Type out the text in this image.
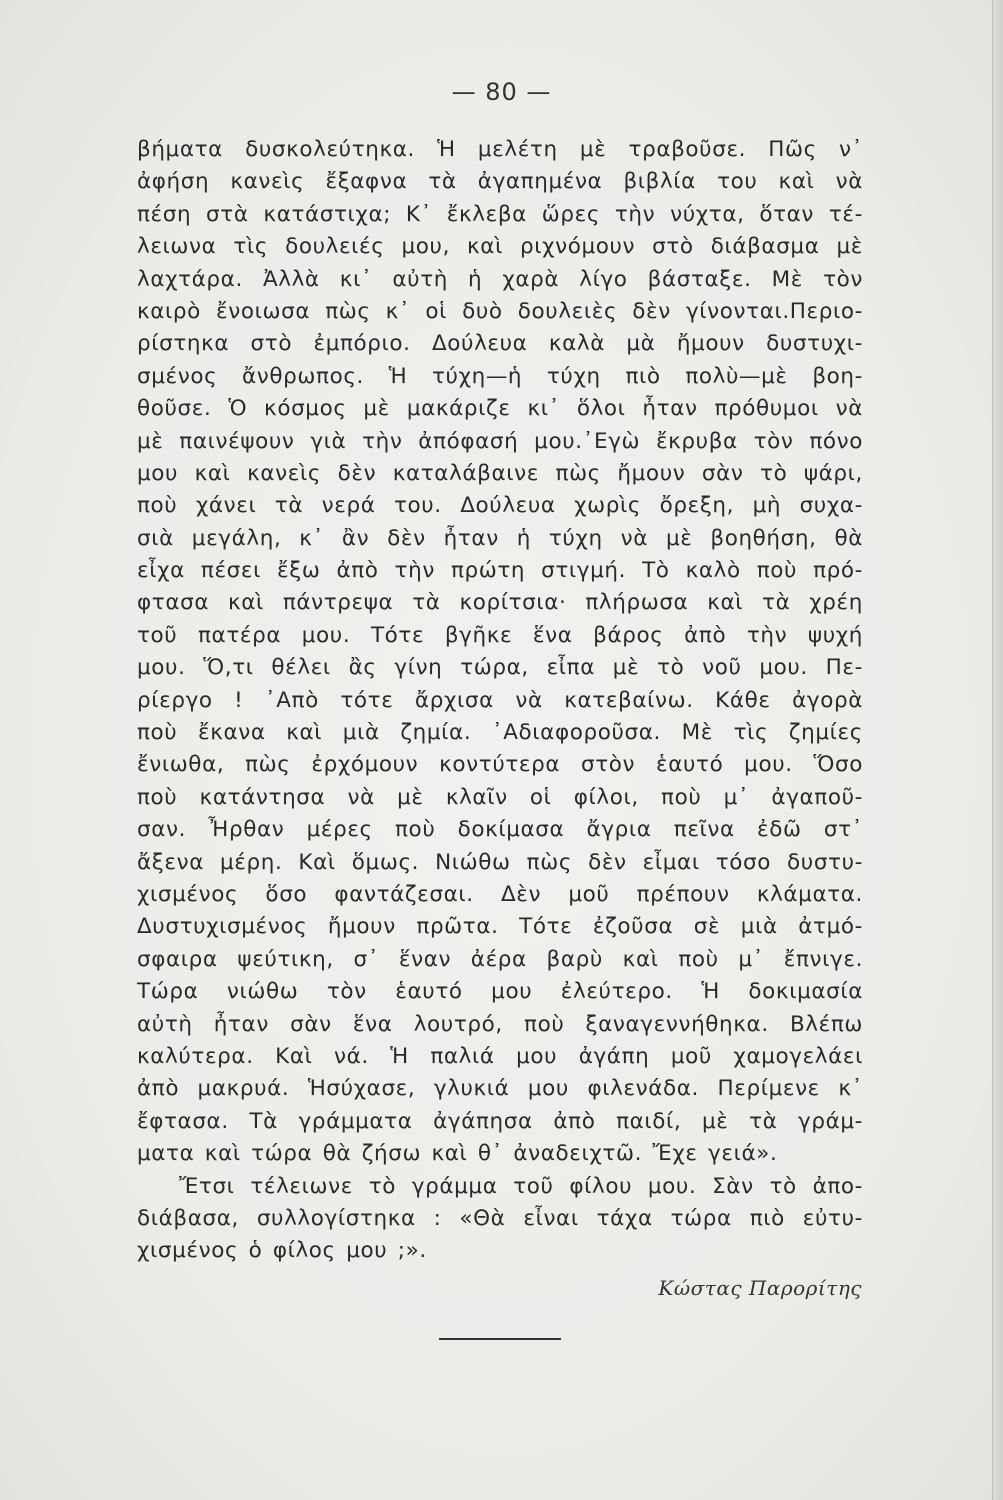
— 80 —
βήματα δυσκολεύτηκα. Ἡ μελέτη μὲ τραβοῦσε. Πῶς ν᾽
ἀφήση κανεὶς ἔξαφνα τὰ ἀγαπημένα βιβλία του καὶ νὰ
πέση στὰ κατάστιχα; Κ᾽ ἔκλεβα ὥρες τὴν νύχτα, ὅταν τέ-
λειωνα τὶς δουλειές μου, καὶ ριχνόμουν στὸ διάβασμα μὲ
λαχτάρα. Ἀλλὰ κι᾽ αὐτὴ ἡ χαρὰ λίγο βάσταξε. Μὲ τὸν
καιρὸ ἔνοιωσα πὼς κ᾽ οἱ δυὸ δουλειὲς δὲν γίνονται.Περιο-
ρίστηκα στὸ ἐμπόριο. Δούλευα καλὰ μὰ ἤμουν δυστυχι-
σμένος ἄνθρωπος. Ἡ τύχη—ἡ τύχη πιὸ πολὺ—μὲ βοη-
θοῦσε. Ὁ κόσμος μὲ μακάριζε κι᾽ ὅλοι ἦταν πρόθυμοι νὰ
μὲ παινέψουν γιὰ τὴν ἀπόφασή μου.᾽Εγὼ ἔκρυβα τὸν πόνο
μου καὶ κανεὶς δὲν καταλάβαινε πὼς ἤμουν σὰν τὸ ψάρι,
ποὺ χάνει τὰ νερά του. Δούλευα χωρὶς ὄρεξη, μὴ συχα-
σιὰ μεγάλη, κ᾽ ἂν δὲν ἦταν ἡ τύχη νὰ μὲ βοηθήση, θὰ
εἶχα πέσει ἔξω ἀπὸ τὴν πρώτη στιγμή. Τὸ καλὸ ποὺ πρό-
φτασα καὶ πάντρεψα τὰ κορίτσια· πλήρωσα καὶ τὰ χρέη
τοῦ πατέρα μου. Τότε βγῆκε ἕνα βάρος ἀπὸ τὴν ψυχή
μου. Ὅ,τι θέλει ἂς γίνη τώρα, εἶπα μὲ τὸ νοῦ μου. Πε-
ρίεργο ! ᾽Απὸ τότε ἄρχισα νὰ κατεβαίνω. Κάθε ἀγορὰ
ποὺ ἔκανα καὶ μιὰ ζημία. ᾽Αδιαφοροῦσα. Μὲ τὶς ζημίες
ἔνιωθα, πὼς ἐρχόμουν κοντύτερα στὸν ἑαυτό μου. Ὅσο
ποὺ κατάντησα νὰ μὲ κλαῖν οἱ φίλοι, ποὺ μ᾽ ἀγαποῦ-
σαν. Ἦρθαν μέρες ποὺ δοκίμασα ἄγρια πεῖνα ἐδῶ στ᾽
ἄξενα μέρη. Καὶ ὅμως. Νιώθω πὼς δὲν εἶμαι τόσο δυστυ-
χισμένος ὅσο φαντάζεσαι. Δὲν μοῦ πρέπουν κλάματα.
Δυστυχισμένος ἤμουν πρῶτα. Τότε ἐζοῦσα σὲ μιὰ ἀτμό-
σφαιρα ψεύτικη, σ᾽ ἕναν ἀέρα βαρὺ καὶ ποὺ μ᾽ ἔπνιγε.
Τώρα νιώθω τὸν ἑαυτό μου ἐλεύτερο. Ἡ δοκιμασία
αὐτὴ ἦταν σὰν ἕνα λουτρό, ποὺ ξαναγεννήθηκα. Βλέπω
καλύτερα. Καὶ νά. Ἡ παλιά μου ἀγάπη μοῦ χαμογελάει
ἀπὸ μακρυά. Ἡσύχασε, γλυκιά μου φιλενάδα. Περίμενε κ᾽
ἔφτασα. Τὰ γράμματα ἀγάπησα ἀπὸ παιδί, μὲ τὰ γράμ-
ματα καὶ τώρα θὰ ζήσω καὶ θ᾽ ἀναδειχτῶ. Ἔχε γειά».
Ἔτσι τέλειωνε τὸ γράμμα τοῦ φίλου μου. Σὰν τὸ ἀπο-
διάβασα, συλλογίστηκα : «Θὰ εἶναι τάχα τώρα πιὸ εὐτυ-
χισμένος ὁ φίλος μου ;».
Κώστας Παρορίτης
